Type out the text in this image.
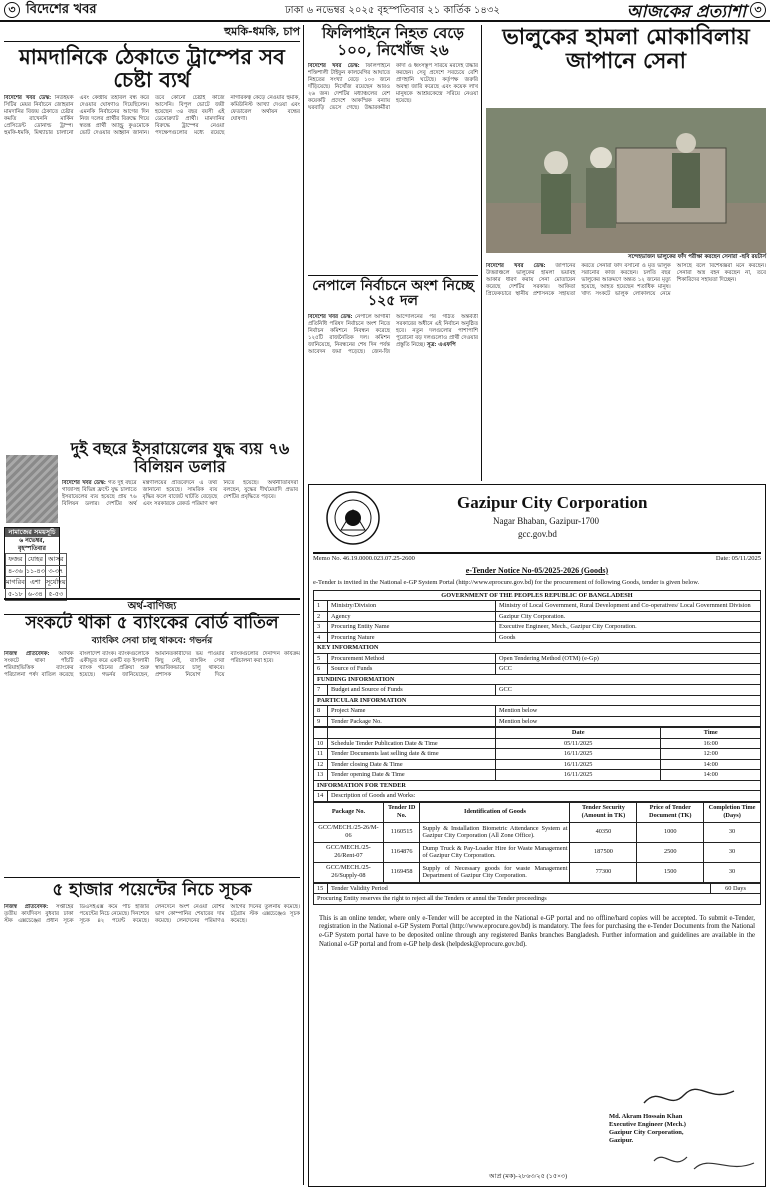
৩ বিদেশের খবর	ঢাকা ৬ নভেম্বর ২০২৫ বৃহস্পতিবার ২১ কার্তিক ১৪৩২	আজকের প্রত্যাশা ৩
হুমকি-ধমকি, চাপ
মামদানিকে ঠেকাতে ট্রাম্পের সব চেষ্টা ব্যর্থ
বিদেশের খবর ডেস্ক: নিউইয়র্ক সিটির মেয়র নির্বাচনে জোহরান মামদানির বিজয় ঠেকাতে চেষ্টার কমতি রাখেননি মার্কিন প্রেসিডেন্ট ডোনাল্ড ট্রাম্প। হুমকি-ধমকি, মিথ্যাচার চালানো এবং কেন্দ্রীয় তহবিল বন্ধ করে দেওয়ার ঘোষণাও দিয়েছিলেন। এমনকি নির্বাচনের আগের দিন নিজ দলের প্রার্থীর বিরুদ্ধে গিয়ে স্বতন্ত্র প্রার্থী অ্যান্ড্রু কুওমোকে ভোট দেওয়ার আহ্বান জানান। তবে কোনো চেষ্টাই কাজে আসেনি। বিপুল ভোটে জয়ী হয়েছেন ৩৪ বছর বয়সী এই ডেমোক্র্যাট প্রার্থী। মামদানির বিরুদ্ধে ট্রাম্পের নেওয়া পদক্ষেপগুলোর মধ্যে রয়েছে নাগরিকত্ব কেড়ে নেওয়ার হুমকি, কমিউনিস্ট আখ্যা দেওয়া এবং ফেডারেল অর্থায়ন বন্ধের ঘোষণা।
দুই বছরে ইসরায়েলের যুদ্ধ ব্যয় ৭৬ বিলিয়ন ডলার
বিদেশের খবর ডেস্ক: গত দুই বছরে গাজাসহ বিভিন্ন ফ্রন্টে যুদ্ধ চালাতে ইসরায়েলের ব্যয় হয়েছে প্রায় ৭৬ বিলিয়ন ডলার। দেশটির অর্থ মন্ত্রণালয়ের প্রতিবেদনে এ তথ্য জানানো হয়েছে। সামরিক ব্যয় বৃদ্ধির ফলে বাজেট ঘাটতি বেড়েছে এবং সরকারকে রেকর্ড পরিমাণ ঋণ নিতে হয়েছে। অর্থনীতিবিদরা বলছেন, যুদ্ধের দীর্ঘমেয়াদি প্রভাব দেশটির প্রবৃদ্ধিতে পড়বে।
নামাজের সময়সূচি
৬ নভেম্বর, বৃহস্পতিবার
ফজর	যোহর	আসর
৪-৩৬	১১-৪৩	৩-৩৭
মাগরিব	এশা	সূর্যোদয়
৫-১৮	৬-৩৪	৫-৫৩
অর্থ-বাণিজ্য
সংকটে থাকা ৫ ব্যাংকের বোর্ড বাতিল
ব্যাংকিং সেবা চালু থাকবে: গভর্নর
নিজস্ব প্রতিবেদক: আর্থিক সংকটে থাকা পাঁচটি শরিয়াহভিত্তিক ব্যাংকের পরিচালনা পর্ষদ বাতিল করেছে বাংলাদেশ ব্যাংক। ব্যাংকগুলোকে একীভূত করে একটি বড় ইসলামী ব্যাংক গঠনের প্রক্রিয়া শুরু হয়েছে। গভর্নর জানিয়েছেন, আমানতকারীদের ভয় পাওয়ার কিছু নেই, ব্যাংকিং সেবা স্বাভাবিকভাবে চালু থাকবে। প্রশাসক নিয়োগ দিয়ে ব্যাংকগুলোর দৈনন্দিন কার্যক্রম পরিচালনা করা হবে।
৫ হাজার পয়েন্টের নিচে সূচক
নিজস্ব প্রতিবেদক: সপ্তাহের তৃতীয় কার্যদিবস বুধবার ঢাকা স্টক এক্সচেঞ্জের প্রধান সূচক ডিএসইএক্স কমে পাঁচ হাজার পয়েন্টের নিচে নেমেছে। দিনশেষে সূচক ৪২ পয়েন্ট কমেছে। লেনদেনে অংশ নেওয়া বেশির ভাগ কোম্পানির শেয়ারের দাম কমেছে। লেনদেনের পরিমাণও আগের দিনের তুলনায় কমেছে। চট্টগ্রাম স্টক এক্সচেঞ্জেও সূচক কমেছে।
ফিলিপাইনে নিহত বেড়ে ১০০, নিখোঁজ ২৬
বিদেশের খবর ডেস্ক: ফিলিপাইনে শক্তিশালী টাইফুন কালমেগির আঘাতে নিহতের সংখ্যা বেড়ে ১০০ জনে দাঁড়িয়েছে। নিখোঁজ রয়েছেন আরও ২৬ জন। দেশটির মধ্যাঞ্চলের বেশ কয়েকটি প্রদেশে আকস্মিক বন্যায় ঘরবাড়ি ভেসে গেছে। উদ্ধারকর্মীরা কাদা ও ধ্বংসস্তূপ সরিয়ে মরদেহ উদ্ধার করছেন। সেবু প্রদেশে সবচেয়ে বেশি প্রাণহানি ঘটেছে। কর্তৃপক্ষ জরুরি অবস্থা জারি করেছে এবং কয়েক লাখ মানুষকে আশ্রয়কেন্দ্রে সরিয়ে নেওয়া হয়েছে।
নেপালে নির্বাচনে অংশ নিচ্ছে ১২৫ দল
বিদেশের খবর ডেস্ক: নেপালে আগামী প্রতিনিধি পরিষদ নির্বাচনে অংশ নিতে নির্বাচন কমিশনে নিবন্ধন করেছে ১২৫টি রাজনৈতিক দল। কমিশন জানিয়েছে, নিবন্ধনের শেষ দিন পর্যন্ত আবেদন জমা পড়েছে। জেন-জি আন্দোলনের পর গঠিত অন্তর্বর্তী সরকারের অধীনে এই নির্বাচন অনুষ্ঠিত হবে। নতুন দলগুলোর পাশাপাশি পুরোনো বড় দলগুলোও প্রার্থী দেওয়ার প্রস্তুতি নিচ্ছে। সূত্র: এএফপি
ভালুকের হামলা মোকাবিলায় জাপানে সেনা
সন্দেহভাজন ভালুকের ফাঁদ পরীক্ষা করছেন সেনারা -ছবি রয়টার্স
বিদেশের খবর ডেস্ক: জাপানের উত্তরাঞ্চলে ভালুকের হামলা ভয়াবহ আকার ধারণ করায় সেনা মোতায়েন করেছে দেশটির সরকার। আকিতা প্রিফেকচারে স্থানীয় প্রশাসনকে সহায়তা করতে সেনারা ফাঁদ বসানো ও মৃত ভালুক সরানোর কাজ করছেন। চলতি বছর ভালুকের আক্রমণে অন্তত ১২ জনের মৃত্যু হয়েছে, আহত হয়েছেন শতাধিক মানুষ। খাদ্য সংকটে ভালুক লোকালয়ে নেমে আসছে বলে বিশেষজ্ঞরা মনে করছেন। সেনারা অস্ত্র বহন করছেন না, তবে শিকারিদের সহায়তা দিচ্ছেন।
Gazipur City Corporation
Nagar Bhaban, Gazipur-1700
gcc.gov.bd
Memo No. 46.19.0000.023.07.25-2600	Date: 05/11/2025
e-Tender Notice No-05/2025-2026 (Goods)
e-Tender is invited in the National e-GP System Portal (http://www.eprocure.gov.bd) for the procurement of following Goods, tender is given below.
GOVERNMENT OF THE PEOPLES REPUBLIC OF BANGLADESH		
1	Ministry/Division	Ministry of Local Government, Rural Development and Co-operatives/ Local Government Division
2	Agency	Gazipur City Corporation.
3	Procuring Entity Name	Executive Engineer, Mech., Gazipur City Corporation.
4	Procuring Nature	Goods
KEY INFORMATION		
5	Procurement Method	Open Tendering Method (OTM) (e-Gp)
6	Source of Funds	GCC
FUNDING INFORMATION		
7	Budget and Source of Funds	GCC
PARTICULAR INFORMATION		
8	Project Name	Mention below
9	Tender Package No.	Mention below
		Date	Time
10	Schedule Tender Publication Date & Time	05/11/2025	16:00
11	Tender Documents last selling date & time	16/11/2025	12:00
12	Tender closing Date & Time	16/11/2025	14:00
13	Tender opening Date & Time	16/11/2025	14:00
INFORMATION FOR TENDER			
14	Description of Goods and Works:		
Package No.	Tender ID No.	Identification of Goods	Tender Security (Amount in TK)	Price of Tender Document (TK)	Completion Time (Days)
GCC/MECH./25-26/M-06	1160515	Supply & Installation Biometric Attendance System at Gazipur City Corporation (All Zone Office).	40350	1000	30
GCC/MECH./25-26/Rent-07	1164876	Dump Truck & Pay-Loader Hire for Waste Management of Gazipur City Corporation.	187500	2500	30
GCC/MECH./25-26/Supply-08	1169458	Supply of Necessary goods for waste Management Department of Gazipur City Corporation.	77300	1500	30
15	Tender Validity Period	60 Days
Procuring Entity reserves the right to reject all the Tenders or annul the Tender proceedings
This is an online tender, where only e-Tender will be accepted in the National e-GP portal and no offline/hard copies will be accepted. To submit e-Tender, registration in the National e-GP System Portal (http://www.eprocure.gov.bd) is mandatory. The fees for purchasing the e-Tender Documents from the National e-GP System portal have to be deposited online through any registered Banks branches Bangladesh. Further information and guidelines are available in the National e-GP portal and from e-GP help desk (helpdesk@eprocure.gov.bd).
Md. Akram Hossain Khan
Executive Engineer (Mech.)
Gazipur City Corporation,
Gazipur.
আপ্র (মক)-২৮৬৩/২৫ (১৫×৩)
